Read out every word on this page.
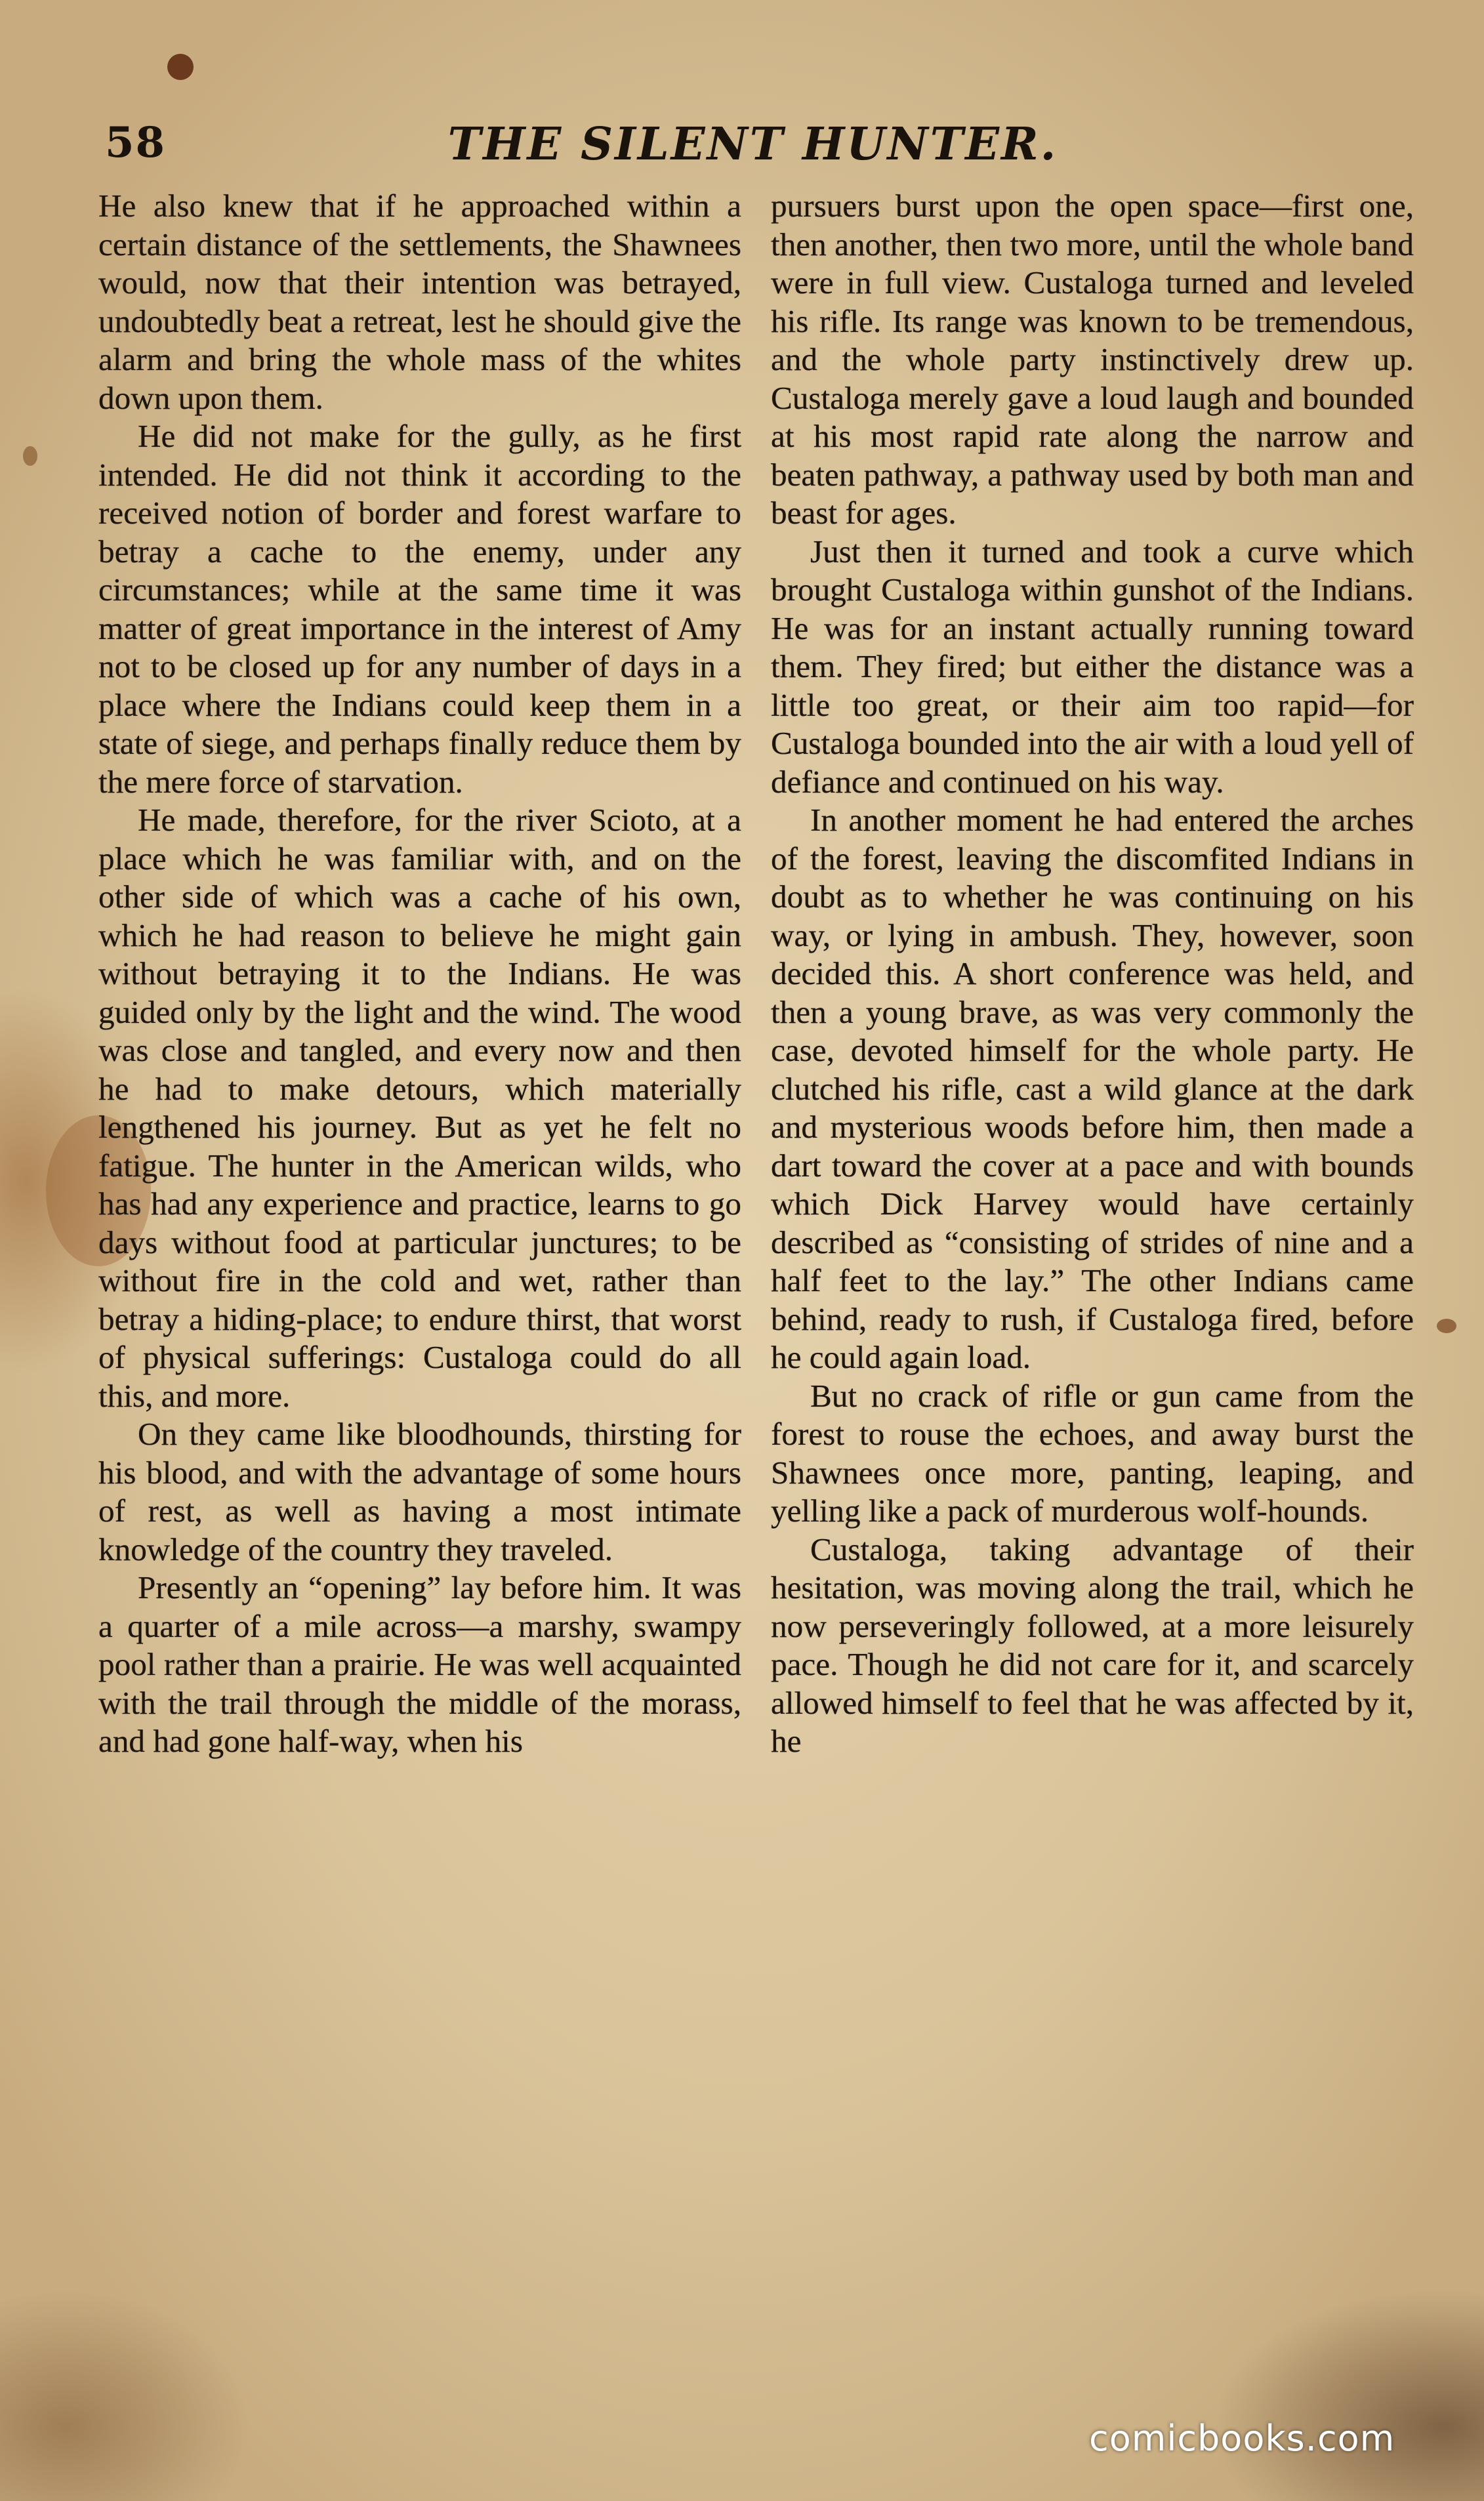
58	THE SILENT HUNTER.

He also knew that if he approached within a certain distance of the settlements, the Shawnees would, now that their intention was betrayed, undoubtedly beat a retreat, lest he should give the alarm and bring the whole mass of the whites down upon them.

He did not make for the gully, as he first intended. He did not think it according to the received notion of border and forest warfare to betray a cache to the enemy, under any circumstances; while at the same time it was matter of great importance in the interest of Amy not to be closed up for any number of days in a place where the Indians could keep them in a state of siege, and perhaps finally reduce them by the mere force of starvation.

He made, therefore, for the river Scioto, at a place which he was familiar with, and on the other side of which was a cache of his own, which he had reason to believe he might gain without betraying it to the Indians. He was guided only by the light and the wind. The wood was close and tangled, and every now and then he had to make detours, which materially lengthened his journey. But as yet he felt no fatigue. The hunter in the American wilds, who has had any experience and practice, learns to go days without food at particular junctures; to be without fire in the cold and wet, rather than betray a hiding-place; to endure thirst, that worst of physical sufferings: Custaloga could do all this, and more.

On they came like bloodhounds, thirsting for his blood, and with the advantage of some hours of rest, as well as having a most intimate knowledge of the country they traveled.

Presently an “opening” lay before him. It was a quarter of a mile across—a marshy, swampy pool rather than a prairie. He was well acquainted with the trail through the middle of the morass, and had gone half-way, when his

pursuers burst upon the open space—first one, then another, then two more, until the whole band were in full view. Custaloga turned and leveled his rifle. Its range was known to be tremendous, and the whole party instinctively drew up. Custaloga merely gave a loud laugh and bounded at his most rapid rate along the narrow and beaten pathway, a pathway used by both man and beast for ages.

Just then it turned and took a curve which brought Custaloga within gunshot of the Indians. He was for an instant actually running toward them. They fired; but either the distance was a little too great, or their aim too rapid—for Custaloga bounded into the air with a loud yell of defiance and continued on his way.

In another moment he had entered the arches of the forest, leaving the discomfited Indians in doubt as to whether he was continuing on his way, or lying in ambush. They, however, soon decided this. A short conference was held, and then a young brave, as was very commonly the case, devoted himself for the whole party. He clutched his rifle, cast a wild glance at the dark and mysterious woods before him, then made a dart toward the cover at a pace and with bounds which Dick Harvey would have certainly described as “consisting of strides of nine and a half feet to the lay.” The other Indians came behind, ready to rush, if Custaloga fired, before he could again load.

But no crack of rifle or gun came from the forest to rouse the echoes, and away burst the Shawnees once more, panting, leaping, and yelling like a pack of murderous wolf-hounds.

Custaloga, taking advantage of their hesitation, was moving along the trail, which he now perseveringly followed, at a more leisurely pace. Though he did not care for it, and scarcely allowed himself to feel that he was affected by it, he

comicbooks.com
